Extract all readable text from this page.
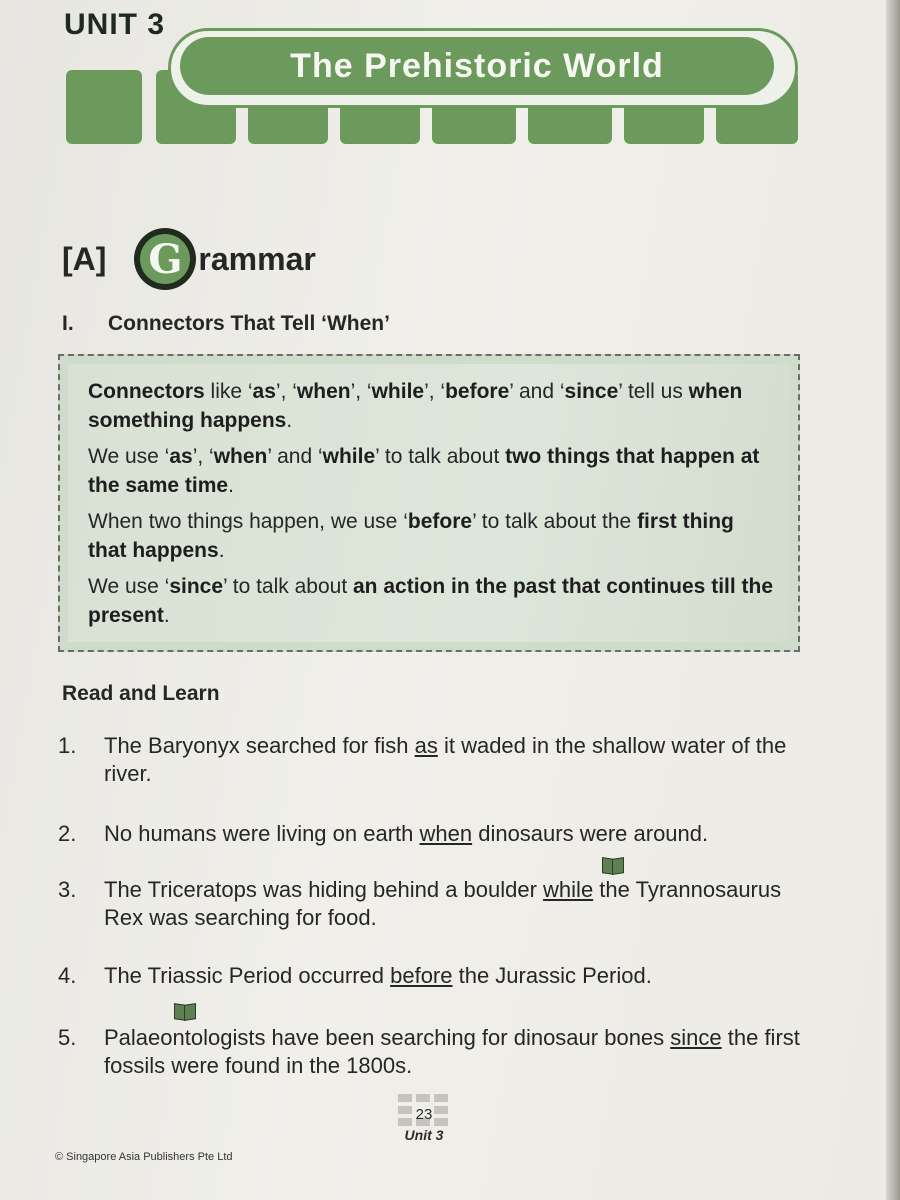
UNIT 3
The Prehistoric World
[A] G rammar
I. Connectors That Tell ‘When’
Connectors like ‘as’, ‘when’, ‘while’, ‘before’ and ‘since’ tell us when something happens.
We use ‘as’, ‘when’ and ‘while’ to talk about two things that happen at the same time.
When two things happen, we use ‘before’ to talk about the first thing that happens.
We use ‘since’ to talk about an action in the past that continues till the present.
Read and Learn
1.	The Baryonyx searched for fish as it waded in the shallow water of the river.
2.	No humans were living on earth when dinosaurs were around.
3.	The Triceratops was hiding behind a boulder while the Tyrannosaurus Rex was searching for food.
4.	The Triassic Period occurred before the Jurassic Period.
5.	Palaeontologists have been searching for dinosaur bones since the first fossils were found in the 1800s.
23
Unit 3
© Singapore Asia Publishers Pte Ltd
